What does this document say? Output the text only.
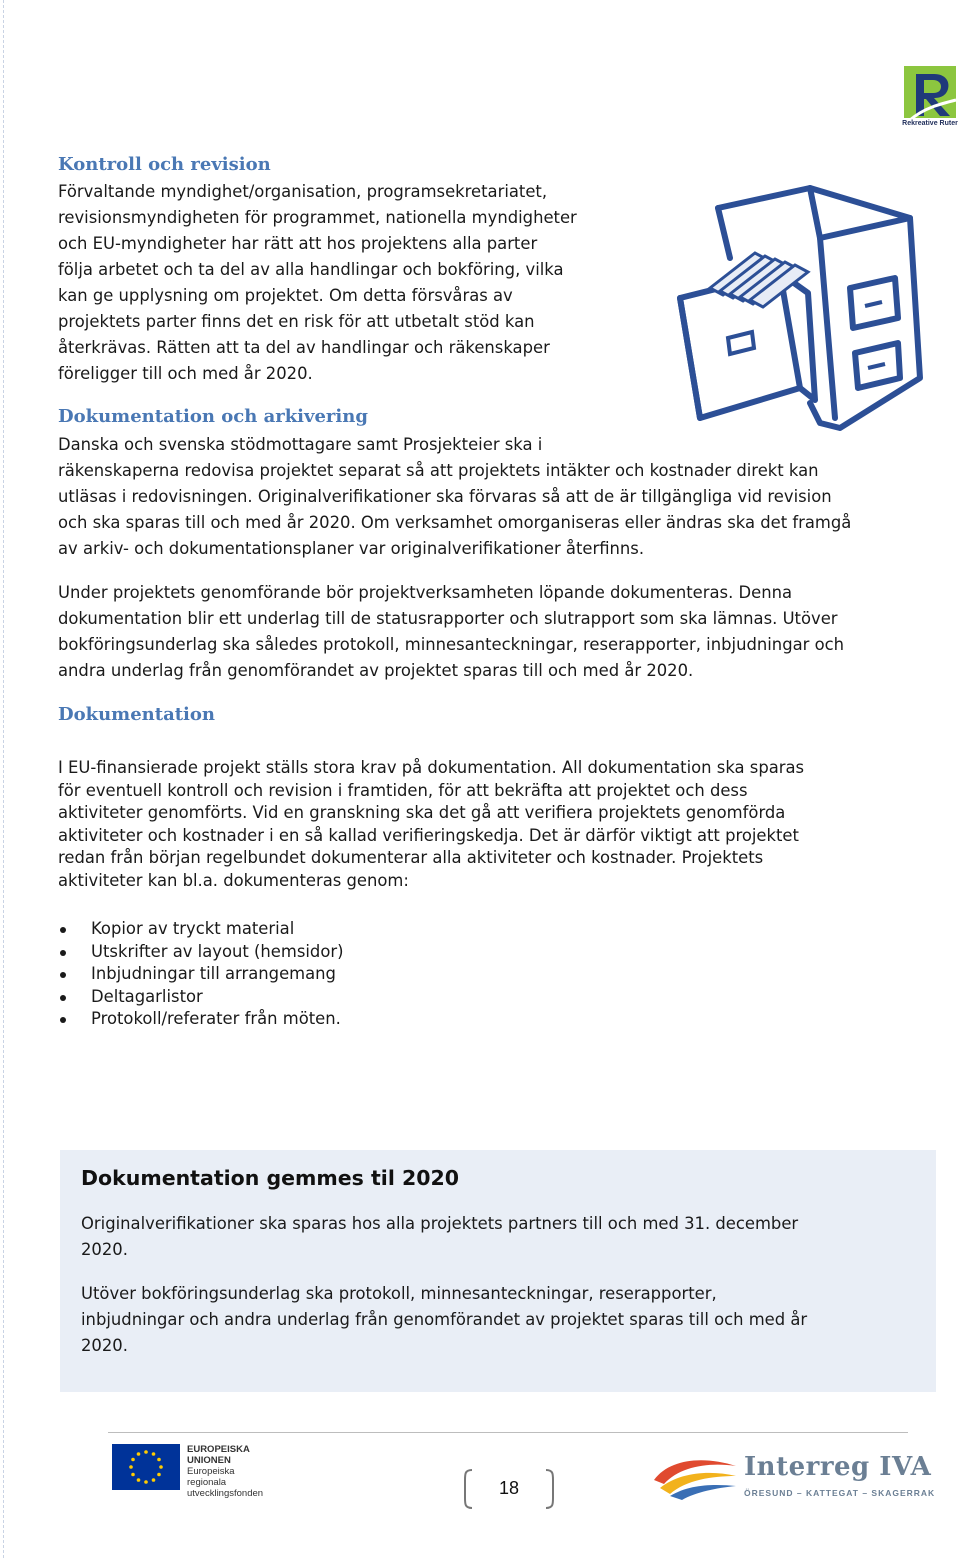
Rekreative Ruter
Kontroll och revision
Förvaltande myndighet/organisation, programsekretariatet,
revisionsmyndigheten för programmet, nationella myndigheter
och EU-myndigheter har rätt att hos projektens alla parter
följa arbetet och ta del av alla handlingar och bokföring, vilka
kan ge upplysning om projektet. Om detta försvåras av
projektets parter finns det en risk för att utbetalt stöd kan
återkrävas. Rätten att ta del av handlingar och räkenskaper
föreligger till och med år 2020.
Dokumentation och arkivering
Danska och svenska stödmottagare samt Prosjekteier ska i
räkenskaperna redovisa projektet separat så att projektets intäkter och kostnader direkt kan
utläsas i redovisningen. Originalverifikationer ska förvaras så att de är tillgängliga vid revision
och ska sparas till och med år 2020. Om verksamhet omorganiseras eller ändras ska det framgå
av arkiv- och dokumentationsplaner var originalverifikationer återfinns.
Under projektets genomförande bör projektverksamheten löpande dokumenteras. Denna
dokumentation blir ett underlag till de statusrapporter och slutrapport som ska lämnas. Utöver
bokföringsunderlag ska således protokoll, minnesanteckningar, reserapporter, inbjudningar och
andra underlag från genomförandet av projektet sparas till och med år 2020.
Dokumentation
I EU-finansierade projekt ställs stora krav på dokumentation. All dokumentation ska sparas
för eventuell kontroll och revision i framtiden, för att bekräfta att projektet och dess
aktiviteter genomförts. Vid en granskning ska det gå att verifiera projektets genomförda
aktiviteter och kostnader i en så kallad verifieringskedja. Det är därför viktigt att projektet
redan från början regelbundet dokumenterar alla aktiviteter och kostnader. Projektets
aktiviteter kan bl.a. dokumenteras genom:
Kopior av tryckt material
Utskrifter av layout (hemsidor)
Inbjudningar till arrangemang
Deltagarlistor
Protokoll/referater från möten.
Dokumentation gemmes til 2020
Originalverifikationer ska sparas hos alla projektets partners till och med 31. december
2020.
Utöver bokföringsunderlag ska protokoll, minnesanteckningar, reserapporter,
inbjudningar och andra underlag från genomförandet av projektet sparas till och med år
2020.
EUROPEISKA
UNIONEN
Europeiska
regionala
utvecklingsfonden	18
Interreg IVA
ÖRESUND – KATTEGAT – SKAGERRAK
